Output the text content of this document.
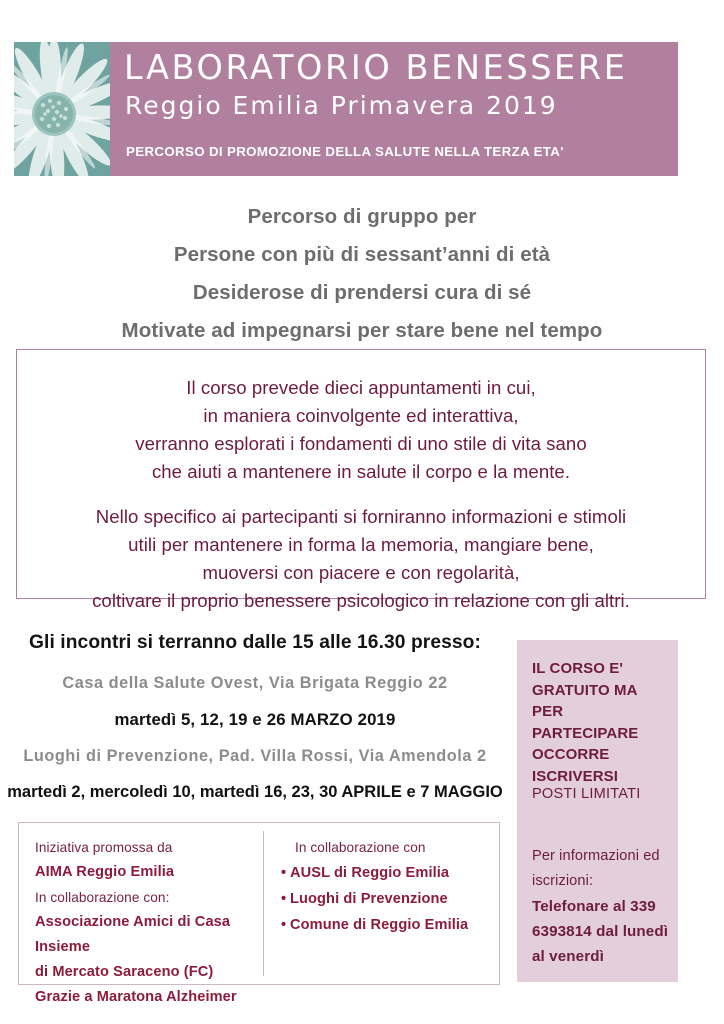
LABORATORIO BENESSERE
Reggio Emilia Primavera 2019
PERCORSO DI PROMOZIONE DELLA SALUTE NELLA TERZA ETA'
Percorso di gruppo per
Persone con più di sessant’anni di età
Desiderose di prendersi cura di sé
Motivate ad impegnarsi per stare bene nel tempo
Il corso prevede dieci appuntamenti in cui,
in maniera coinvolgente ed interattiva,
verranno esplorati i fondamenti di uno stile di vita sano
che aiuti a mantenere in salute il corpo e la mente.
Nello specifico ai partecipanti si forniranno informazioni e stimoli
utili per mantenere in forma la memoria, mangiare bene,
muoversi con piacere e con regolarità,
coltivare il proprio benessere psicologico in relazione con gli altri.
Gli incontri si terranno dalle 15 alle 16.30 presso:
Casa della Salute Ovest, Via Brigata Reggio 22
martedì 5, 12, 19 e 26 MARZO 2019
Luoghi di Prevenzione, Pad. Villa Rossi, Via Amendola 2
martedì 2, mercoledì 10, martedì 16, 23, 30 APRILE e 7 MAGGIO
IL CORSO E' GRATUITO MA PER PARTECIPARE OCCORRE ISCRIVERSI
POSTI LIMITATI
Per informazioni ed iscrizioni:
Telefonare al 339 6393814 dal lunedì al venerdì
Iniziativa promossa da
AIMA Reggio Emilia
In collaborazione con:
Associazione Amici di Casa Insieme
di Mercato Saraceno (FC)
Grazie a Maratona Alzheimer
In collaborazione con
• AUSL di Reggio Emilia
• Luoghi di Prevenzione
• Comune di Reggio Emilia
